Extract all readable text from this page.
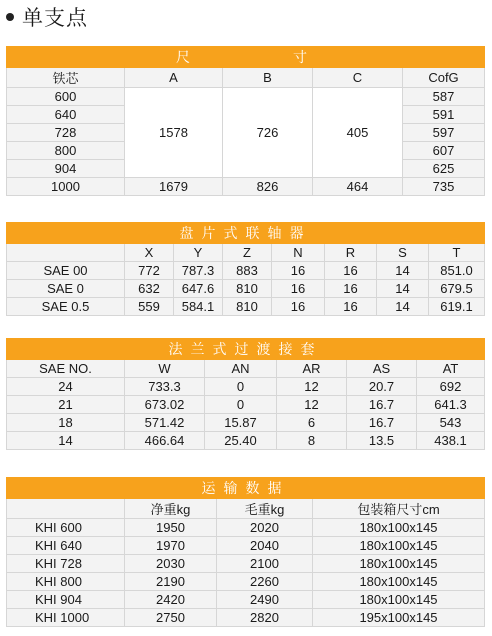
单支点
尺 寸				

铁芯	A	B	C	CofG
600	1578	726	405	587
640				591
728				597
800				607
904				625
1000	1679	826	464	735
盘片式联轴器							
	X	Y	Z	N	R	S	T
SAE 00	772	787.3	883	16	16	14	851.0
SAE 0	632	647.6	810	16	16	14	679.5
SAE 0.5	559	584.1	810	16	16	14	619.1
法兰式过渡接套					
SAE NO.	W	AN	AR	AS	AT
24	733.3	0	12	20.7	692
21	673.02	0	12	16.7	641.3
18	571.42	15.87	6	16.7	543
14	466.64	25.40	8	13.5	438.1
运输数据			
	净重kg	毛重kg	包装箱尺寸cm
KHI 600	1950	2020	180x100x145
KHI 640	1970	2040	180x100x145
KHI 728	2030	2100	180x100x145
KHI 800	2190	2260	180x100x145
KHI 904	2420	2490	180x100x145
KHI 1000	2750	2820	195x100x145
